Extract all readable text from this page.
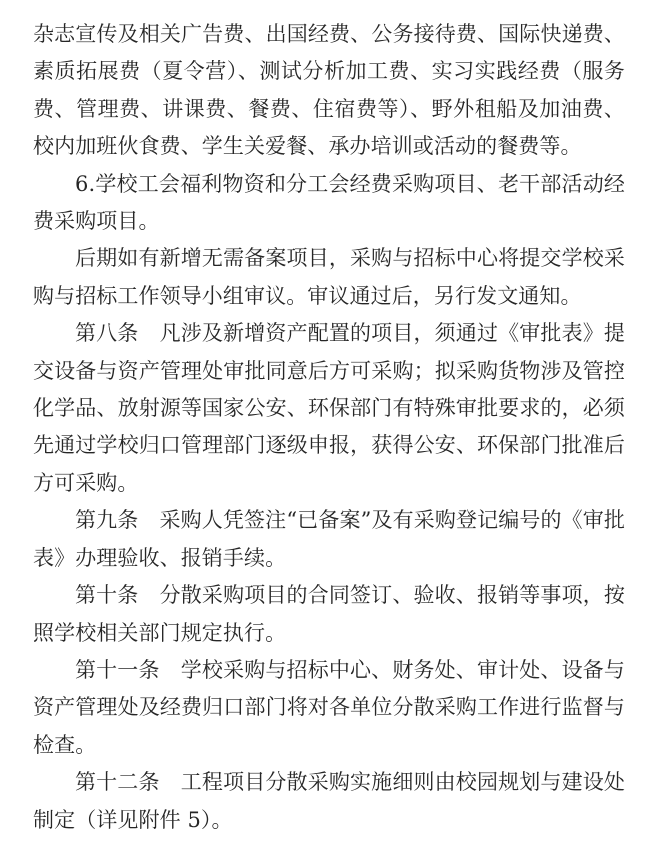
杂志宣传及相关广告费、出国经费、公务接待费、国际快递费、素质拓展费（夏令营）、测试分析加工费、实习实践经费（服务费、管理费、讲课费、餐费、住宿费等）、野外租船及加油费、校内加班伙食费、学生关爱餐、承办培训或活动的餐费等。

6.学校工会福利物资和分工会经费采购项目、老干部活动经费采购项目。

后期如有新增无需备案项目，采购与招标中心将提交学校采购与招标工作领导小组审议。审议通过后，另行发文通知。

第八条　凡涉及新增资产配置的项目，须通过《审批表》提交设备与资产管理处审批同意后方可采购；拟采购货物涉及管控化学品、放射源等国家公安、环保部门有特殊审批要求的，必须先通过学校归口管理部门逐级申报，获得公安、环保部门批准后方可采购。

第九条　采购人凭签注“已备案”及有采购登记编号的《审批表》办理验收、报销手续。

第十条　分散采购项目的合同签订、验收、报销等事项，按照学校相关部门规定执行。

第十一条　学校采购与招标中心、财务处、审计处、设备与资产管理处及经费归口部门将对各单位分散采购工作进行监督与检查。

第十二条　工程项目分散采购实施细则由校园规划与建设处制定（详见附件 5）。
